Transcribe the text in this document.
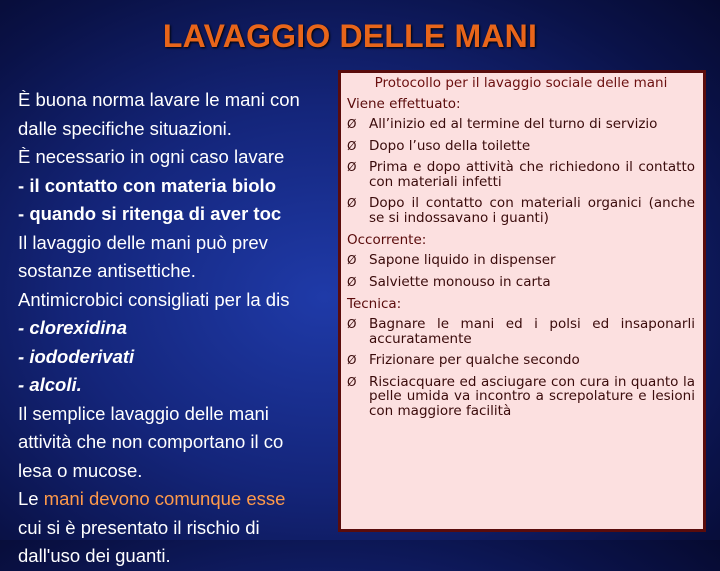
LAVAGGIO DELLE MANI
È buona norma lavare le mani con
dalle specifiche situazioni.
È necessario in ogni caso lavare
- il contatto con materia biolo
- quando si ritenga di aver toc
Il lavaggio delle mani può prev
sostanze antisettiche.
Antimicrobici consigliati per la dis
- clorexidina
- iododerivati
- alcoli.
Il semplice lavaggio delle mani
attività che non comportano il co
lesa o mucose.
Le mani devono comunque esse
cui si è presentato il rischio di
dall'uso dei guanti.
Protocollo per il lavaggio sociale delle mani
Viene effettuato:
Ø All’inizio ed al termine del turno di servizio
Ø Dopo l’uso della toilette
Ø Prima e dopo attività che richiedono il contatto con materiali infetti
Ø Dopo il contatto con materiali organici (anche se si indossavano i guanti)
Occorrente:
Ø Sapone liquido in dispenser
Ø Salviette monouso in carta
Tecnica:
Ø Bagnare le mani ed i polsi ed insaponarli accuratamente
Ø Frizionare per qualche secondo
Ø Risciacquare ed asciugare con cura in quanto la pelle umida va incontro a screpolature e lesioni con maggiore facilità
